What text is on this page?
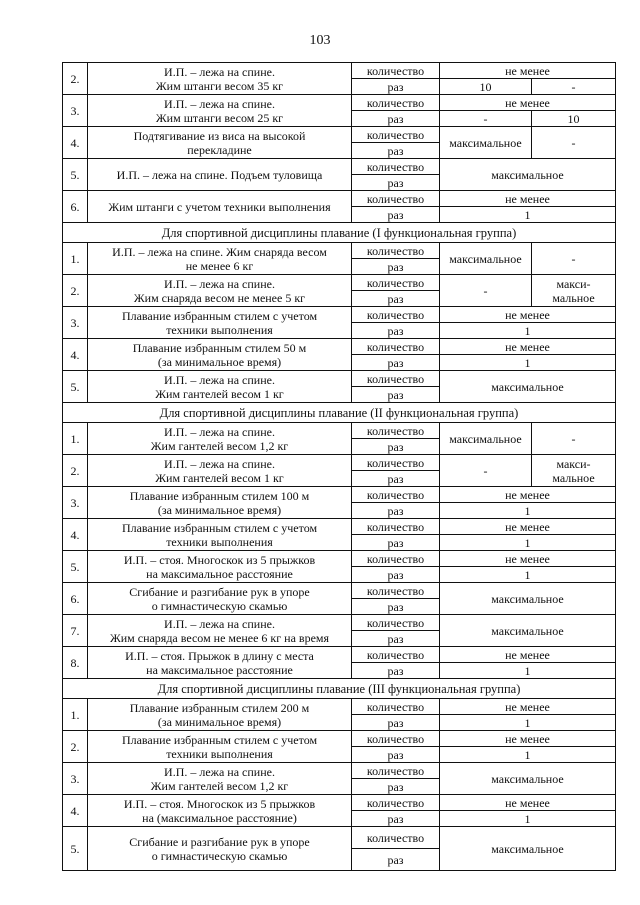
103
2.	И.П. – лежа на спине.
Жим штанги весом 35 кг	количество	не менее	
		раз	10	-
3.	И.П. – лежа на спине.
Жим штанги весом 25 кг	количество	не менее	
		раз	-	10
4.	Подтягивание из виса на высокой
перекладине	количество	максимальное	-
		раз		
5.	И.П. – лежа на спине. Подъем туловища	количество	максимальное	
		раз		
6.	Жим штанги с учетом техники выполнения	количество	не менее	
		раз	1	
Для спортивной дисциплины плавание (I функциональная группа)				
1.	И.П. – лежа на спине. Жим снаряда весом
не менее 6 кг	количество	максимальное	-
		раз		
2.	И.П. – лежа на спине.
Жим снаряда весом не менее 5 кг	количество	-	макси-
мальное
		раз		
3.	Плавание избранным стилем с учетом
техники выполнения	количество	не менее	
		раз	1	
4.	Плавание избранным стилем 50 м
(за минимальное время)	количество	не менее	
		раз	1	
5.	И.П. – лежа на спине.
Жим гантелей весом 1 кг	количество	максимальное	
		раз		
Для спортивной дисциплины плавание (II функциональная группа)				
1.	И.П. – лежа на спине.
Жим гантелей весом 1,2 кг	количество	максимальное	-
		раз		
2.	И.П. – лежа на спине.
Жим гантелей весом 1 кг	количество	-	макси-
мальное
		раз		
3.	Плавание избранным стилем 100 м
(за минимальное время)	количество	не менее	
		раз	1	
4.	Плавание избранным стилем с учетом
техники выполнения	количество	не менее	
		раз	1	
5.	И.П. – стоя. Многоскок из 5 прыжков
на максимальное расстояние	количество	не менее	
		раз	1	
6.	Сгибание и разгибание рук в упоре
о гимнастическую скамью	количество	максимальное	
		раз		
7.	И.П. – лежа на спине.
Жим снаряда весом не менее 6 кг на время	количество	максимальное	
		раз		
8.	И.П. – стоя. Прыжок в длину с места
на максимальное расстояние	количество	не менее	
		раз	1	
Для спортивной дисциплины плавание (III функциональная группа)				
1.	Плавание избранным стилем 200 м
(за минимальное время)	количество	не менее	
		раз	1	
2.	Плавание избранным стилем с учетом
техники выполнения	количество	не менее	
		раз	1	
3.	И.П. – лежа на спине.
Жим гантелей весом 1,2 кг	количество	максимальное	
		раз		
4.	И.П. – стоя. Многоскок из 5 прыжков
на (максимальное расстояние)	количество	не менее	
		раз	1	
5.	Сгибание и разгибание рук в упоре
о гимнастическую скамью	количество	максимальное	
		раз		
